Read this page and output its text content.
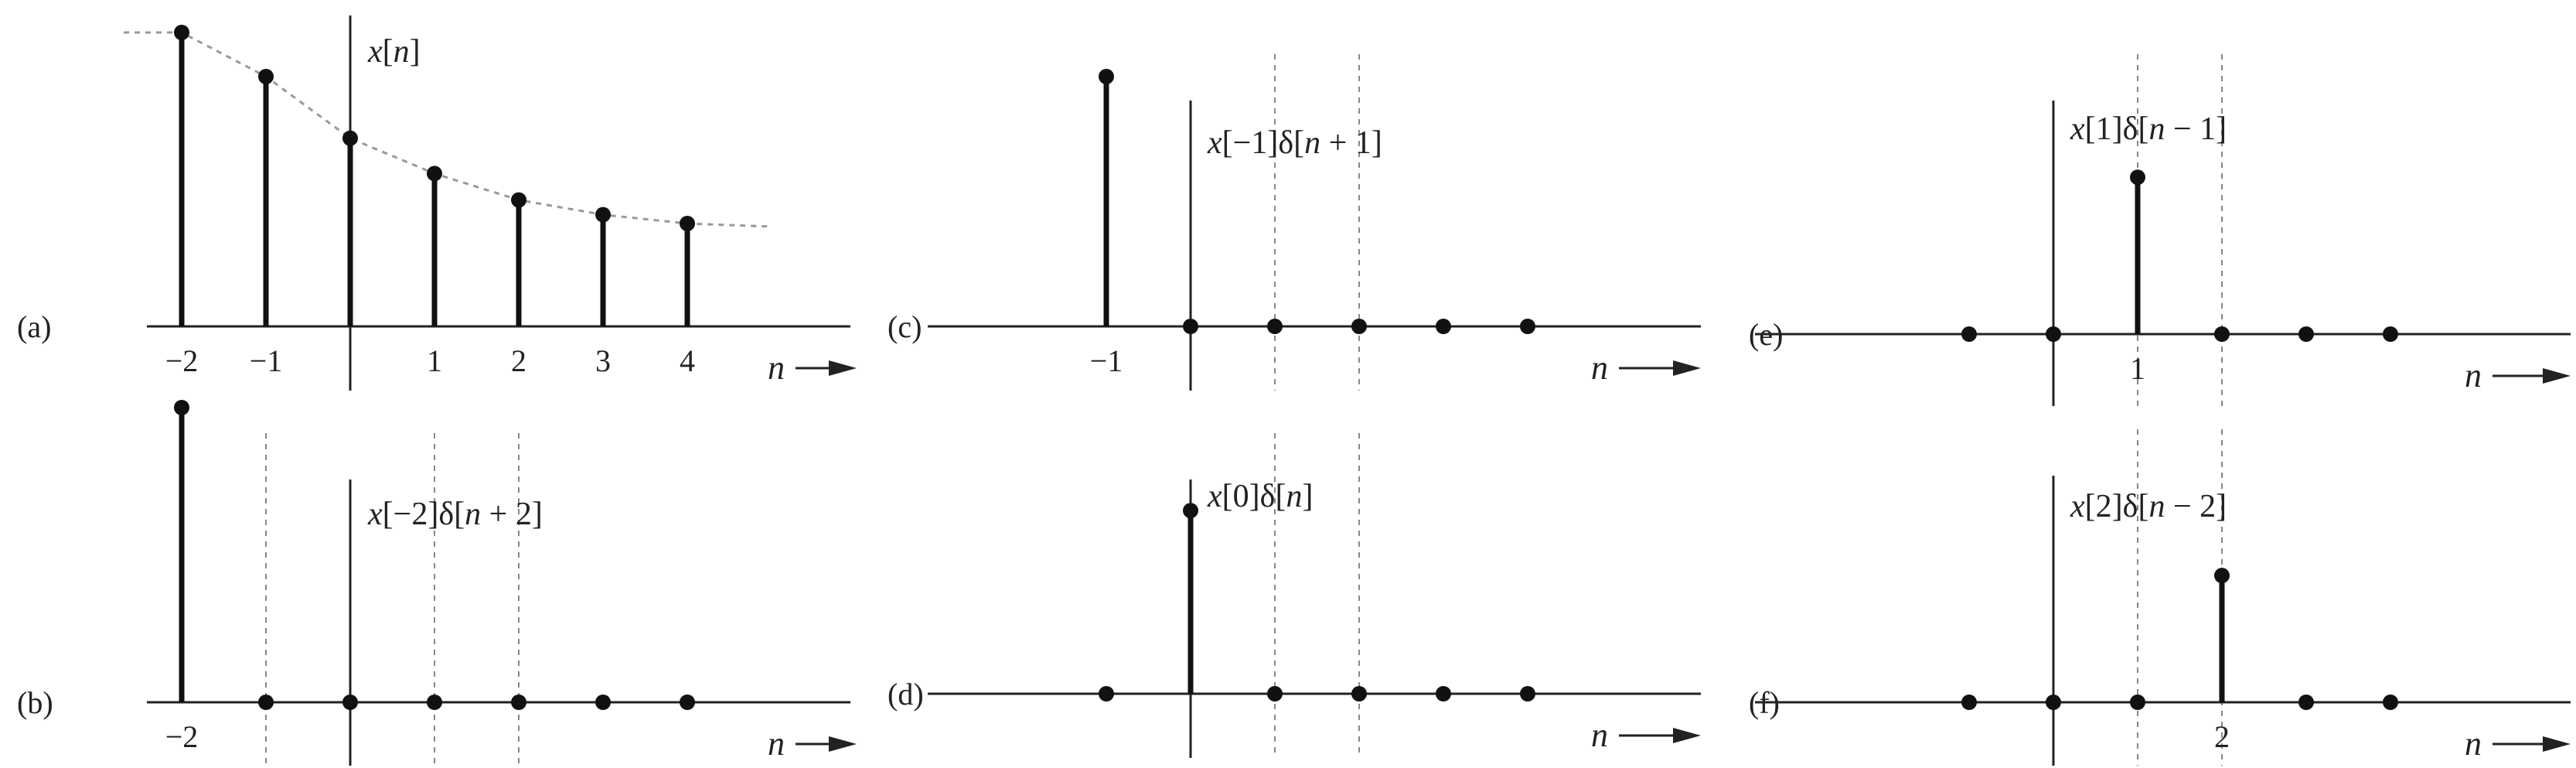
−2 −1	1 2 3 4
(a)
x[n]
n
−2
(b)
x[−2]δ[n + 2]
n
−1
(c)
x[−1]δ[n + 1]
n
(d)
x[0]δ[n]
n
1
(e)
x[1]δ[n − 1]
n
2
(f)
x[2]δ[n − 2]
n
